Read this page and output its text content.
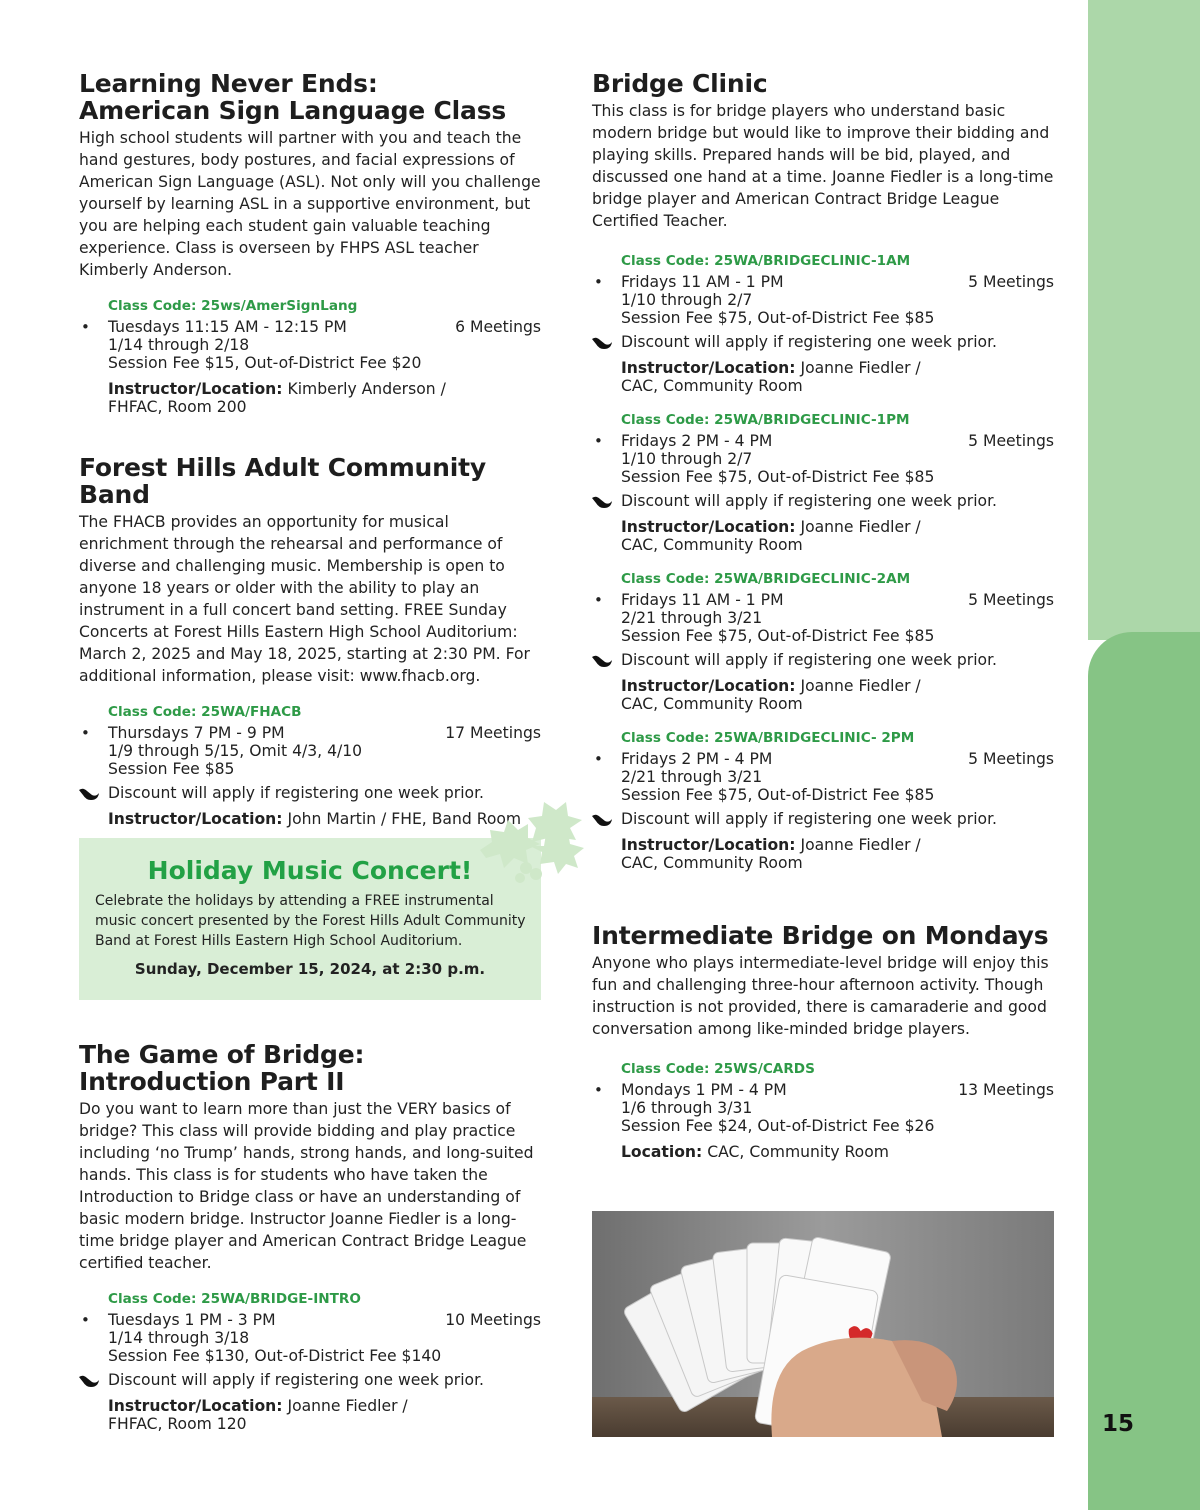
15
Learning Never Ends:
American Sign Language Class

High school students will partner with you and teach the hand gestures, body postures, and facial expressions of American Sign Language (ASL). Not only will you challenge yourself by learning ASL in a supportive environment, but you are helping each student gain valuable teaching experience. Class is overseen by FHPS ASL teacher Kimberly Anderson.

Class Code: 25ws/AmerSignLang
• Tuesdays 11:15 AM - 12:15 PM	6 Meetings
1/14 through 2/18
Session Fee $15, Out-of-District Fee $20
Instructor/Location: Kimberly Anderson /
FHFAC, Room 200
Forest Hills Adult Community Band

The FHACB provides an opportunity for musical enrichment through the rehearsal and performance of diverse and challenging music. Membership is open to anyone 18 years or older with the ability to play an instrument in a full concert band setting. FREE Sunday Concerts at Forest Hills Eastern High School Auditorium: March 2, 2025 and May 18, 2025, starting at 2:30 PM. For additional information, please visit: www.fhacb.org.

Class Code: 25WA/FHACB
• Thursdays 7 PM - 9 PM	17 Meetings
1/9 through 5/15, Omit 4/3, 4/10
Session Fee $85
Discount will apply if registering one week prior.
Instructor/Location: John Martin / FHE, Band Room
The Game of Bridge:
Introduction Part II

Do you want to learn more than just the VERY basics of bridge? This class will provide bidding and play practice including ‘no Trump’ hands, strong hands, and long-suited hands. This class is for students who have taken the Introduction to Bridge class or have an understanding of basic modern bridge. Instructor Joanne Fiedler is a long-time bridge player and American Contract Bridge League certified teacher.

Class Code: 25WA/BRIDGE-INTRO
• Tuesdays 1 PM - 3 PM	10 Meetings
1/14 through 3/18
Session Fee $130, Out-of-District Fee $140
Discount will apply if registering one week prior.
Instructor/Location: Joanne Fiedler /
FHFAC, Room 120
Holiday Music Concert!
Celebrate the holidays by attending a FREE instrumental music concert presented by the Forest Hills Adult Community Band at Forest Hills Eastern High School Auditorium.
Sunday, December 15, 2024, at 2:30 p.m.
Bridge Clinic

This class is for bridge players who understand basic modern bridge but would like to improve their bidding and playing skills. Prepared hands will be bid, played, and discussed one hand at a time. Joanne Fiedler is a long-time bridge player and American Contract Bridge League Certified Teacher.

Class Code: 25WA/BRIDGECLINIC-1AM
• Fridays 11 AM - 1 PM	5 Meetings
1/10 through 2/7
Session Fee $75, Out-of-District Fee $85
Discount will apply if registering one week prior.
Instructor/Location: Joanne Fiedler /
CAC, Community Room
Class Code: 25WA/BRIDGECLINIC-1PM
• Fridays 2 PM - 4 PM	5 Meetings
1/10 through 2/7
Session Fee $75, Out-of-District Fee $85
Discount will apply if registering one week prior.
Instructor/Location: Joanne Fiedler /
CAC, Community Room
Class Code: 25WA/BRIDGECLINIC-2AM
• Fridays 11 AM - 1 PM	5 Meetings
2/21 through 3/21
Session Fee $75, Out-of-District Fee $85
Discount will apply if registering one week prior.
Instructor/Location: Joanne Fiedler /
CAC, Community Room
Class Code: 25WA/BRIDGECLINIC- 2PM
• Fridays 2 PM - 4 PM	5 Meetings
2/21 through 3/21
Session Fee $75, Out-of-District Fee $85
Discount will apply if registering one week prior.
Instructor/Location: Joanne Fiedler /
CAC, Community Room
Intermediate Bridge on Mondays

Anyone who plays intermediate-level bridge will enjoy this fun and challenging three-hour afternoon activity. Though instruction is not provided, there is camaraderie and good conversation among like-minded bridge players.

Class Code: 25WS/CARDS
• Mondays 1 PM - 4 PM	13 Meetings
1/6 through 3/31
Session Fee $24, Out-of-District Fee $26
Location: CAC, Community Room
